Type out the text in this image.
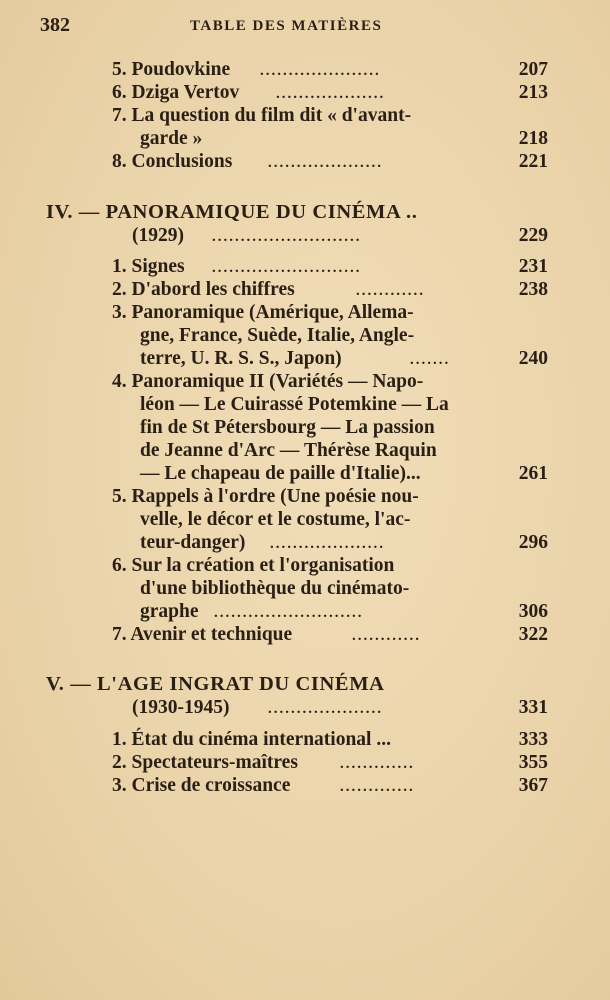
382	TABLE DES MATIÈRES
5. Poudovkine .....................	207
6. Dziga Vertov ...................	213
7. La question du film dit « d'avant-
garde »	218
8. Conclusions ....................	221
IV. — PANORAMIQUE DU CINÉMA ..
(1929) ..........................	229
1. Signes ..........................	231
2. D'abord les chiffres	............	238
3. Panoramique (Amérique, Allema-
gne, France, Suède, Italie, Angle-
terre, U. R. S. S., Japon)	.......	240
4. Panoramique II (Variétés — Napo-
léon — Le Cuirassé Potemkine — La
fin de St Pétersbourg — La passion
de Jeanne d'Arc — Thérèse Raquin
— Le chapeau de paille d'Italie)...	261
5. Rappels à l'ordre (Une poésie nou-
velle, le décor et le costume, l'ac-
teur-danger) ....................	296
6. Sur la création et l'organisation
d'une bibliothèque du cinémato-
graphe ..........................	306
7. Avenir et technique	............	322
V. — L'AGE INGRAT DU CINÉMA
(1930-1945)	....................	331
1. État du cinéma international ...	333
2. Spectateurs-maîtres	.............	355
3. Crise de croissance	.............	367
